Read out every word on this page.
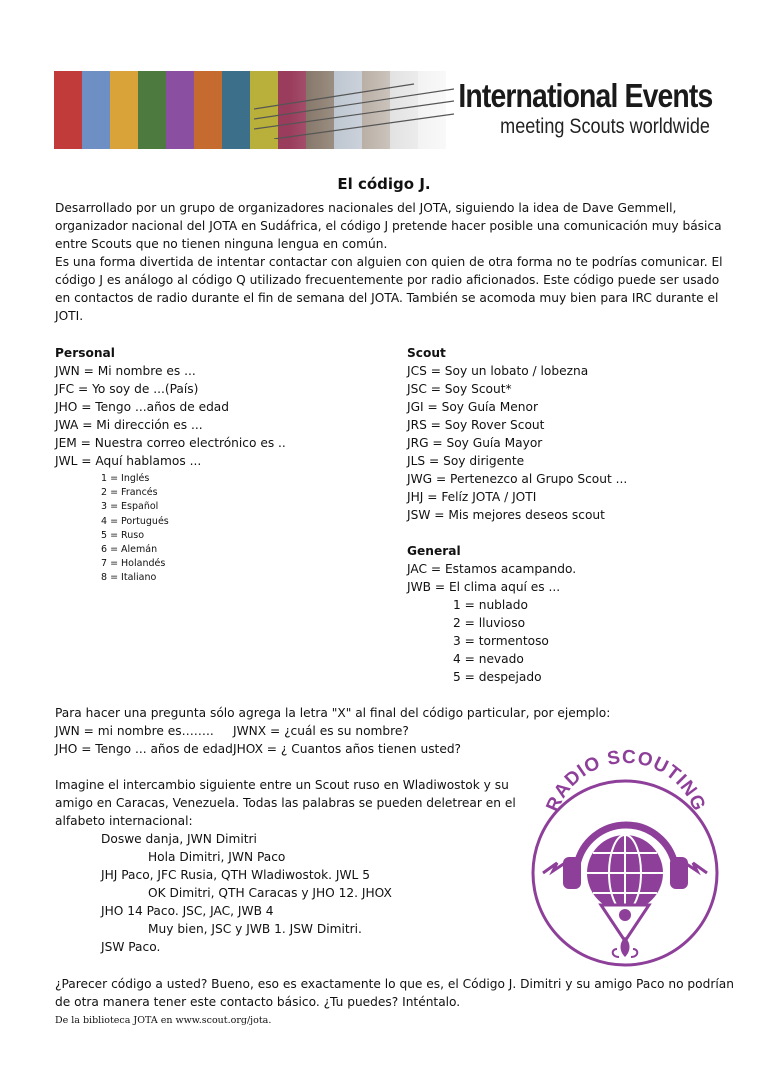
International Events
meeting Scouts worldwide
El código J.
Desarrollado por un grupo de organizadores nacionales del JOTA, siguiendo la idea de Dave Gemmell,
organizador nacional del JOTA en Sudáfrica, el código J pretende hacer posible una comunicación muy básica
entre Scouts que no tienen ninguna lengua en común.
Es una forma divertida de intentar contactar con alguien con quien de otra forma no te podrías comunicar. El
código J es análogo al código Q utilizado frecuentemente por radio aficionados. Este código puede ser usado
en contactos de radio durante el fin de semana del JOTA. También se acomoda muy bien para IRC durante el
JOTI.
Personal
JWN = Mi nombre es ...
JFC = Yo soy de ...(País)
JHO = Tengo ...años de edad
JWA = Mi dirección es ...
JEM = Nuestra correo electrónico es ..
JWL = Aquí hablamos ...
1 = Inglés
2 = Francés
3 = Español
4 = Portugués
5 = Ruso
6 = Alemán
7 = Holandés
8 = Italiano
Scout
JCS = Soy un lobato / lobezna
JSC = Soy Scout*
JGI = Soy Guía Menor
JRS = Soy Rover Scout
JRG = Soy Guía Mayor
JLS = Soy dirigente
JWG = Pertenezco al Grupo Scout ...
JHJ = Felíz JOTA / JOTI
JSW = Mis mejores deseos scout
General
JAC = Estamos acampando.
JWB = El clima aquí es ...
1 = nublado
2 = lluvioso
3 = tormentoso
4 = nevado
5 = despejado
Para hacer una pregunta sólo agrega la letra "X" al final del código particular, por ejemplo:
JWN = mi nombre es…….. JWNX = ¿cuál es su nombre?
JHO = Tengo ... años de edad.JHOX = ¿ Cuantos años tienen usted?
Imagine el intercambio siguiente entre un Scout ruso en Wladiwostok y su
amigo en Caracas, Venezuela. Todas las palabras se pueden deletrear en el
alfabeto internacional:
Doswe danja, JWN Dimitri
Hola Dimitri, JWN Paco
JHJ Paco, JFC Rusia, QTH Wladiwostok. JWL 5
OK Dimitri, QTH Caracas y JHO 12. JHOX
JHO 14 Paco. JSC, JAC, JWB 4
Muy bien, JSC y JWB 1. JSW Dimitri.
JSW Paco.
RADIO SCOUTING
¿Parecer código a usted? Bueno, eso es exactamente lo que es, el Código J. Dimitri y su amigo Paco no podrían
de otra manera tener este contacto básico. ¿Tu puedes? Inténtalo.
De la biblioteca JOTA en www.scout.org/jota.
